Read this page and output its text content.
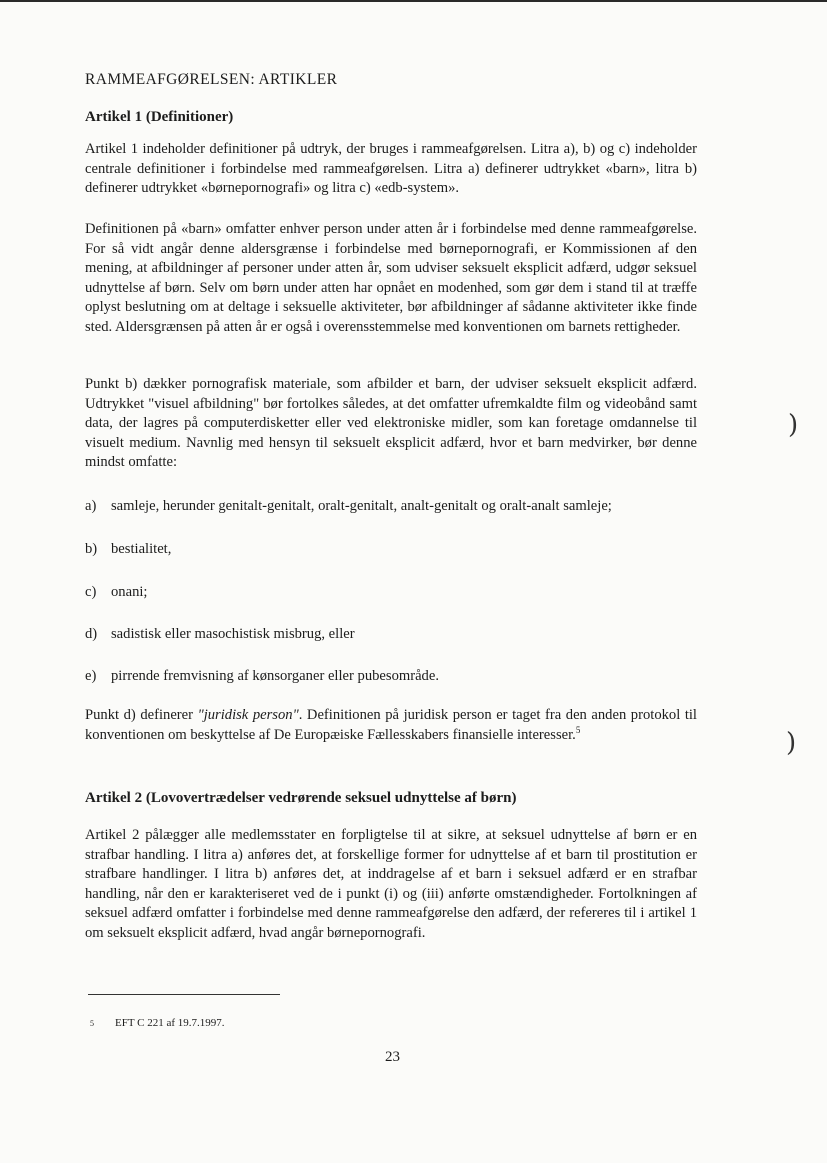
RAMMEAFGØRELSEN: ARTIKLER
Artikel 1 (Definitioner)

Artikel 1 indeholder definitioner på udtryk, der bruges i rammeafgørelsen. Litra a), b) og c) indeholder centrale definitioner i forbindelse med rammeafgørelsen. Litra a) definerer udtrykket «barn», litra b) definerer udtrykket «børnepornografi» og litra c) «edb-system».

Definitionen på «barn» omfatter enhver person under atten år i forbindelse med denne rammeafgørelse. For så vidt angår denne aldersgrænse i forbindelse med børnepornografi, er Kommissionen af den mening, at afbildninger af personer under atten år, som udviser seksuelt eksplicit adfærd, udgør seksuel udnyttelse af børn. Selv om børn under atten har opnået en modenhed, som gør dem i stand til at træffe oplyst beslutning om at deltage i seksuelle aktiviteter, bør afbildninger af sådanne aktiviteter ikke finde sted. Aldersgrænsen på atten år er også i overensstemmelse med konventionen om barnets rettigheder.

Punkt b) dækker pornografisk materiale, som afbilder et barn, der udviser seksuelt eksplicit adfærd. Udtrykket "visuel afbildning" bør fortolkes således, at det omfatter ufremkaldte film og videobånd samt data, der lagres på computerdisketter eller ved elektroniske midler, som kan foretage omdannelse til visuelt medium. Navnlig med hensyn til seksuelt eksplicit adfærd, hvor et barn medvirker, bør denne mindst omfatte:

a) samleje, herunder genitalt-genitalt, oralt-genitalt, analt-genitalt og oralt-analt samleje;

b) bestialitet,

c) onani;

d) sadistisk eller masochistisk misbrug, eller

e) pirrende fremvisning af kønsorganer eller pubesområde.

Punkt d) definerer "juridisk person". Definitionen på juridisk person er taget fra den anden protokol til konventionen om beskyttelse af De Europæiske Fællesskabers finansielle interesser.$^5$

Artikel 2 (Lovovertrædelser vedrørende seksuel udnyttelse af børn)

Artikel 2 pålægger alle medlemsstater en forpligtelse til at sikre, at seksuel udnyttelse af børn er en strafbar handling. I litra a) anføres det, at forskellige former for udnyttelse af et barn til prostitution er strafbare handlinger. I litra b) anføres det, at inddragelse af et barn i seksuel adfærd er en strafbar handling, når den er karakteriseret ved de i punkt (i) og (iii) anførte omstændigheder. Fortolkningen af seksuel adfærd omfatter i forbindelse med denne rammeafgørelse den adfærd, der refereres til i artikel 1 om seksuelt eksplicit adfærd, hvad angår børnepornografi.

5 EFT C 221 af 19.7.1997.

23

)
)
